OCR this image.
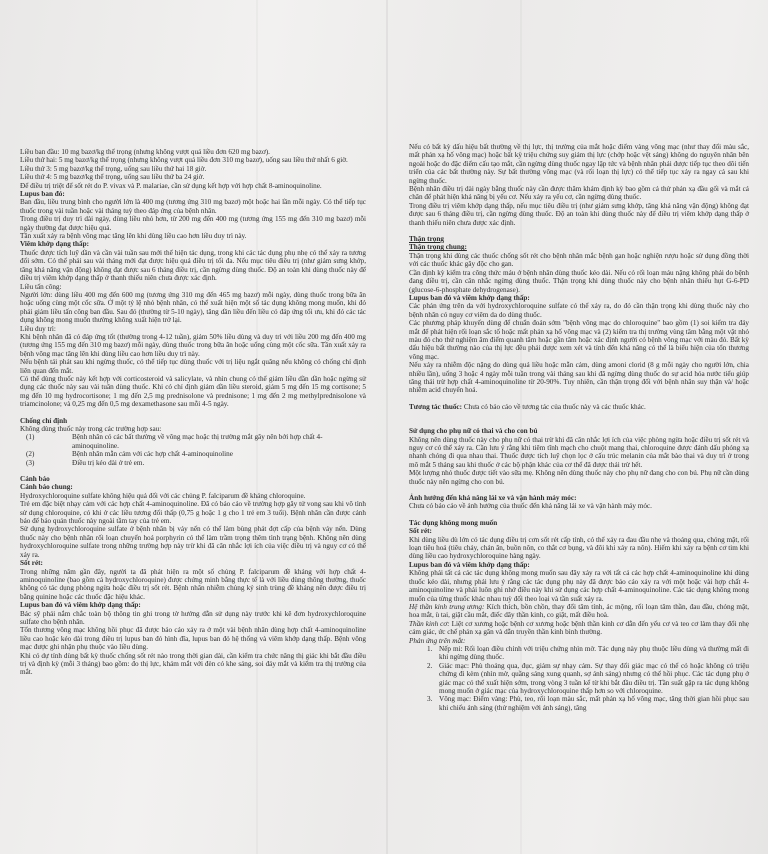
Liều ban đầu: 10 mg bazơ/kg thể trọng (nhưng không vượt quá liều đơn 620 mg bazơ).

Liều thứ hai: 5 mg bazơ/kg thể trọng (nhưng không vượt quá liều đơn 310 mg bazơ), uống sau liều thứ nhất 6 giờ.

Liều thứ 3: 5 mg bazơ/kg thể trọng, uống sau liều thứ hai 18 giờ.

Liều thứ 4: 5 mg bazơ/kg thể trọng, uống sau liều thứ ba 24 giờ.

Để điều trị triệt để sốt rét do P. vivax và P. malariae, cần sử dụng kết hợp với hợp chất 8-aminoquinoline.

Lupus ban đỏ:

Ban đầu, liều trung bình cho người lớn là 400 mg (tương ứng 310 mg bazơ) một hoặc hai lần mỗi ngày. Có thể tiếp tục thuốc trong vài tuần hoặc vài tháng tuỳ theo đáp ứng của bệnh nhân.

Trong điều trị duy trì dài ngày, dùng liều nhỏ hơn, từ 200 mg đến 400 mg (tương ứng 155 mg đến 310 mg bazơ) mỗi ngày thường đạt được hiệu quả.

Tần xuất xảy ra bệnh võng mạc tăng lên khi dùng liều cao hơn liều duy trì này.

Viêm khớp dạng thấp:

Thuốc được tích luỹ dần và cần vài tuần sau mới thể hiện tác dụng, trong khi các tác dụng phụ nhẹ có thể xảy ra tương đối sớm. Có thể phải sau vài tháng mới đạt được hiệu quả điều trị tối đa. Nếu mục tiêu điều trị (như giảm sưng khớp, tăng khả năng vận động) không đạt được sau 6 tháng điều trị, cần ngừng dùng thuốc. Độ an toàn khi dùng thuốc này để điều trị viêm khớp dạng thấp ở thanh thiếu niên chưa được xác định.

Liều tấn công:

Người lớn: dùng liều 400 mg đến 600 mg (tương ứng 310 mg đến 465 mg bazơ) mỗi ngày, dùng thuốc trong bữa ăn hoặc uống cùng một cốc sữa. Ở một tỷ lệ nhỏ bệnh nhân, có thể xuất hiện một số tác dụng không mong muốn, khi đó phải giảm liều tấn công ban đầu. Sau đó (thường từ 5-10 ngày), tăng dần liều đến liều có đáp ứng tối ưu, khi đó các tác dụng không mong muốn thường không xuất hiện trở lại.

Liều duy trì:

Khi bệnh nhân đã có đáp ứng tốt (thường trong 4-12 tuần), giảm 50% liều dùng và duy trì với liều 200 mg đến 400 mg (tương ứng 155 mg đến 310 mg bazơ) mỗi ngày, dùng thuốc trong bữa ăn hoặc uống cùng một cốc sữa. Tần xuất xảy ra bệnh võng mạc tăng lên khi dùng liều cao hơn liều duy trì này.

Nếu bệnh tái phát sau khi ngừng thuốc, có thể tiếp tục dùng thuốc với trị liệu ngắt quãng nếu không có chống chỉ định liên quan đến mắt.

Có thể dùng thuốc này kết hợp với corticosteroid và salicylate, và nhìn chung có thể giảm liều dần dần hoặc ngừng sử dụng các thuốc này sau vài tuần dùng thuốc. Khi có chỉ định giảm dần liều steroid, giảm 5 mg đến 15 mg cortisone; 5 mg đến 10 mg hydrocortisone; 1 mg đến 2,5 mg prednisolone và prednisone; 1 mg đến 2 mg methylprednisolone và triamcinolone; và 0,25 mg đến 0,5 mg dexamethasone sau mỗi 4-5 ngày.

Chống chỉ định

Không dùng thuốc này trong các trường hợp sau:

(1)	Bệnh nhân có các bất thường về võng mạc hoặc thị trường mắt gây nên bởi hợp chất 4-aminoquinoline.
(2)	Bệnh nhân mẫn cảm với các hợp chất 4-aminoquinoline
(3)	Điều trị kéo dài ở trẻ em.

Cảnh báo

Cảnh báo chung:

Hydroxychloroquine sulfate không hiệu quả đối với các chủng P. falciparum đề kháng chloroquine.

Trẻ em đặc biệt nhạy cảm với các hợp chất 4-aminoquinoline. Đã có báo cáo về trường hợp gây tử vong sau khi vô tình sử dụng chloroquine, có khi ở các liều tương đối thấp (0,75 g hoặc 1 g cho 1 trẻ em 3 tuổi). Bệnh nhân cần được cảnh báo để bảo quản thuốc này ngoài tầm tay của trẻ em.

Sử dụng hydroxychloroquine sulfate ở bệnh nhân bị vảy nến có thể làm bùng phát đợt cấp của bệnh vảy nến. Dùng thuốc này cho bệnh nhân rối loạn chuyển hoá porphyrin có thể làm trầm trọng thêm tình trạng bệnh. Không nên dùng hydroxychloroquine sulfate trong những trường hợp này trừ khi đã cân nhắc lợi ích của việc điều trị và nguy cơ có thể xảy ra.

Sốt rét:

Trong những năm gần đây, người ta đã phát hiện ra một số chủng P. falciparum đề kháng với hợp chất 4-aminoquinoline (bao gồm cả hydroxychloroquine) được chứng minh bằng thực tế là với liều dùng thông thường, thuốc không có tác dụng phòng ngừa hoặc điều trị sốt rét. Bệnh nhân nhiễm chủng ký sinh trùng đề kháng nên được điều trị bằng quinine hoặc các thuốc đặc hiệu khác.

Lupus ban đỏ và viêm khớp dạng thấp:

Bác sỹ phải nắm chắc toàn bộ thông tin ghi trong tờ hướng dẫn sử dụng này trước khi kê đơn hydroxychloroquine sulfate cho bệnh nhân.

Tổn thương võng mạc không hồi phục đã được báo cáo xảy ra ở một vài bệnh nhân dùng hợp chất 4-aminoquinoline liều cao hoặc kéo dài trong điều trị lupus ban đỏ hình đĩa, lupus ban đỏ hệ thống và viêm khớp dạng thấp. Bệnh võng mạc được ghi nhận phụ thuộc vào liều dùng.

Khi có dự tính dùng bất kỳ thuốc chống sốt rét nào trong thời gian dài, cần kiểm tra chức năng thị giác khi bắt đầu điều trị và định kỳ (mỗi 3 tháng) bao gồm: đo thị lực, khám mắt với đèn có khe sáng, soi đáy mắt và kiểm tra thị trường của mắt.

Nếu có bất kỳ dấu hiệu bất thường về thị lực, thị trường của mắt hoặc điểm vàng võng mạc (như thay đổi màu sắc, mất phản xạ hố võng mạc) hoặc bất kỳ triệu chứng suy giảm thị lực (chớp hoặc vệt sáng) không do nguyên nhân bên ngoài hoặc do đặc điểm cấu tạo mắt, cần ngừng dùng thuốc ngay lập tức và bệnh nhân phải được tiếp tục theo dõi tiến triển của các bất thường này. Sự bất thường võng mạc (và rối loạn thị lực) có thể tiếp tục xảy ra ngay cả sau khi ngừng thuốc.

Bệnh nhân điều trị dài ngày bằng thuốc này cần được thăm khám định kỳ bao gồm cả thử phản xạ đầu gối và mắt cá chân để phát hiện khả năng bị yếu cơ. Nếu xảy ra yếu cơ, cần ngừng dùng thuốc.

Trong điều trị viêm khớp dạng thấp, nếu mục tiêu điều trị (như giảm sưng khớp, tăng khả năng vận động) không đạt được sau 6 tháng điều trị, cần ngừng dùng thuốc. Độ an toàn khi dùng thuốc này để điều trị viêm khớp dạng thấp ở thanh thiếu niên chưa được xác định.

Thận trọng

Thận trọng chung:

Thận trọng khi dùng các thuốc chống sốt rét cho bệnh nhân mắc bệnh gan hoặc nghiện rượu hoặc sử dụng đồng thời với các thuốc khác gây độc cho gan.

Cần định kỳ kiểm tra công thức máu ở bệnh nhân dùng thuốc kéo dài. Nếu có rối loạn máu nặng không phải do bệnh đang điều trị, cần cân nhắc ngừng dùng thuốc. Thận trọng khi dùng thuốc này cho bệnh nhân thiếu hụt G-6-PD (glucose-6-phosphate dehydrogenase).

Lupus ban đỏ và viêm khớp dạng thấp:

Các phản ứng trên da với hydroxychloroquine sulfate có thể xảy ra, do đó cần thận trọng khi dùng thuốc này cho bệnh nhân có nguy cơ viêm da do dùng thuốc.

Các phương pháp khuyến dùng để chuẩn đoán sớm "bệnh võng mạc do chloroquine" bao gồm (1) soi kiểm tra đáy mắt để phát hiện rối loạn sắc tố hoặc mất phản xạ hố võng mạc và (2) kiểm tra thị trường vùng tâm bằng một vật nhỏ màu đỏ cho thử nghiệm âm điểm quanh tâm hoặc gần tâm hoặc xác định người có bệnh võng mạc với màu đỏ. Bất kỳ dấu hiệu bất thường nào của thị lực đều phải được xem xét và tính đến khả năng có thể là biểu hiện của tổn thương võng mạc.

Nếu xảy ra nhiễm độc nặng do dùng quá liều hoặc mẫn cảm, dùng amoni clorid (8 g mỗi ngày cho người lớn, chia nhiều lần), uống 3 hoặc 4 ngày mỗi tuần trong vài tháng sau khi đã ngừng dùng thuốc do sự acid hóa nước tiểu giúp tăng thải trừ hợp chất 4-aminoquinoline từ 20-90%. Tuy nhiên, cần thận trọng đối với bệnh nhân suy thận và/ hoặc nhiễm acid chuyển hoá.

Tương tác thuốc: Chưa có báo cáo về tương tác của thuốc này và các thuốc khác.

Sử dụng cho phụ nữ có thai và cho con bú

Không nên dùng thuốc này cho phụ nữ có thai trừ khi đã cân nhắc lợi ích của việc phòng ngừa hoặc điều trị sốt rét và nguy cơ có thể xảy ra. Cần lưu ý rằng khi tiêm tĩnh mạch cho chuột mang thai, chloroquine được đánh dấu phóng xạ nhanh chóng đi qua nhau thai. Thuốc được tích luỹ chọn lọc ở cấu trúc melanin của mắt bào thai và duy trì ở trong mô mắt 5 tháng sau khi thuốc ở các bộ phận khác của cơ thể đã được thải trừ hết.

Một lượng nhỏ thuốc được tiết vào sữa mẹ. Không nên dùng thuốc này cho phụ nữ đang cho con bú. Phụ nữ cần dùng thuốc này nên ngừng cho con bú.

Ảnh hưởng đến khả năng lái xe và vận hành máy móc:

Chưa có báo cáo về ảnh hưởng của thuốc đến khả năng lái xe và vận hành máy móc.

Tác dụng không mong muốn

Sốt rét:

Khi dùng liều dù lớn có tác dụng điều trị cơn sốt rét cấp tính, có thể xảy ra đau đầu nhẹ và thoáng qua, chóng mặt, rối loạn tiêu hoá (tiêu chảy, chán ăn, buồn nôn, co thắt cơ bụng, và đôi khi xảy ra nôn). Hiếm khi xảy ra bệnh cơ tim khi dùng liều cao hydroxychloroquine hàng ngày.

Lupus ban đỏ và viêm khớp dạng thấp:

Không phải tất cả các tác dụng không mong muốn sau đây xảy ra với tất cả các hợp chất 4-aminoquinoline khi dùng thuốc kéo dài, nhưng phải lưu ý rằng các tác dụng phụ này đã được báo cáo xảy ra với một hoặc vài hợp chất 4-aminoquinoline và phải luôn ghi nhớ điều này khi sử dụng các hợp chất 4-aminoquinoline. Các tác dụng không mong muốn của từng thuốc khác nhau tuỳ đối theo loại và tần suất xảy ra.

Hệ thần kinh trung ương: Kích thích, bồn chồn, thay đổi tâm tính, ác mộng, rối loạn tâm thần, đau đầu, chóng mặt, hoa mắt, ù tai, giật cầu mắt, điếc dây thần kinh, co giật, mất điều hoà.

Thần kinh cơ: Liệt cơ xương hoặc bệnh cơ xương hoặc bệnh thần kinh cơ dẫn đến yếu cơ và teo cơ làm thay đổi nhẹ cảm giác, ức chế phản xạ gân và dẫn truyền thần kinh bình thường.

Phản ứng trên mắt:

1. Nếp mi: Rối loạn điều chỉnh với triệu chứng nhìn mờ. Tác dụng này phụ thuộc liều dùng và thường mất đi khi ngừng dùng thuốc.
2. Giác mạc: Phù thoáng qua, đục, giảm sự nhạy cảm. Sự thay đổi giác mạc có thể có hoặc không có triệu chứng đi kèm (nhìn mờ, quầng sáng xung quanh, sợ ánh sáng) nhưng có thể hồi phục. Các tác dụng phụ ở giác mạc có thể xuất hiện sớm, trong vòng 3 tuần kể từ khi bắt đầu điều trị. Tần suất gặp ra tác dụng không mong muốn ở giác mạc của hydroxychloroquine thấp hơn so với chloroquine.
3. Võng mạc: Điểm vàng: Phù, teo, rối loạn màu sắc, mất phản xạ hố võng mạc, tăng thời gian hồi phục sau khi chiếu ánh sáng (thử nghiệm với ánh sáng), tăng
